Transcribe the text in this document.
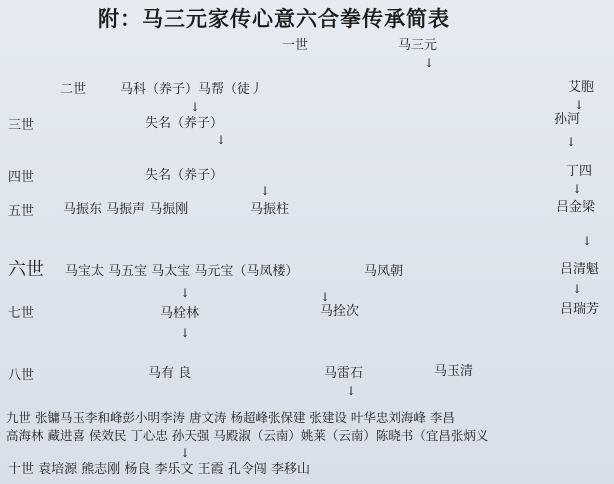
附：马三元家传心意六合拳传承简表
一世	马三元
↓
二世	马科（养子）马帮（徒丿	艾胞
↓
↓
三世	失名（养子）	孙河
↓	↓
四世	失名（养子）	丁四
↓	↓
五世 马振东 马振声 马振刚	马振柱	吕金梁
↓
六世 马宝太 马五宝 马太宝 马元宝（马凤楼）	马凤朝	吕清魁
↓	↓
↓
七世	马栓林	马拴次	吕瑞芳
↓
八世	马有 良	马雷石	马玉清
↓
九世 张镛马玉李和峰彭小明李涛 唐文涛 杨超峰张保建 张建设 叶华忠刘海峰 李昌
高海林 藏进喜 侯效民 丁心忠 孙天强 马殿淑（云南）姚莱（云南）陈晓书（宜昌张炳义
↓
十世 袁培源 熊志刚 杨良 李乐文 王霞 孔令闯 李移山
